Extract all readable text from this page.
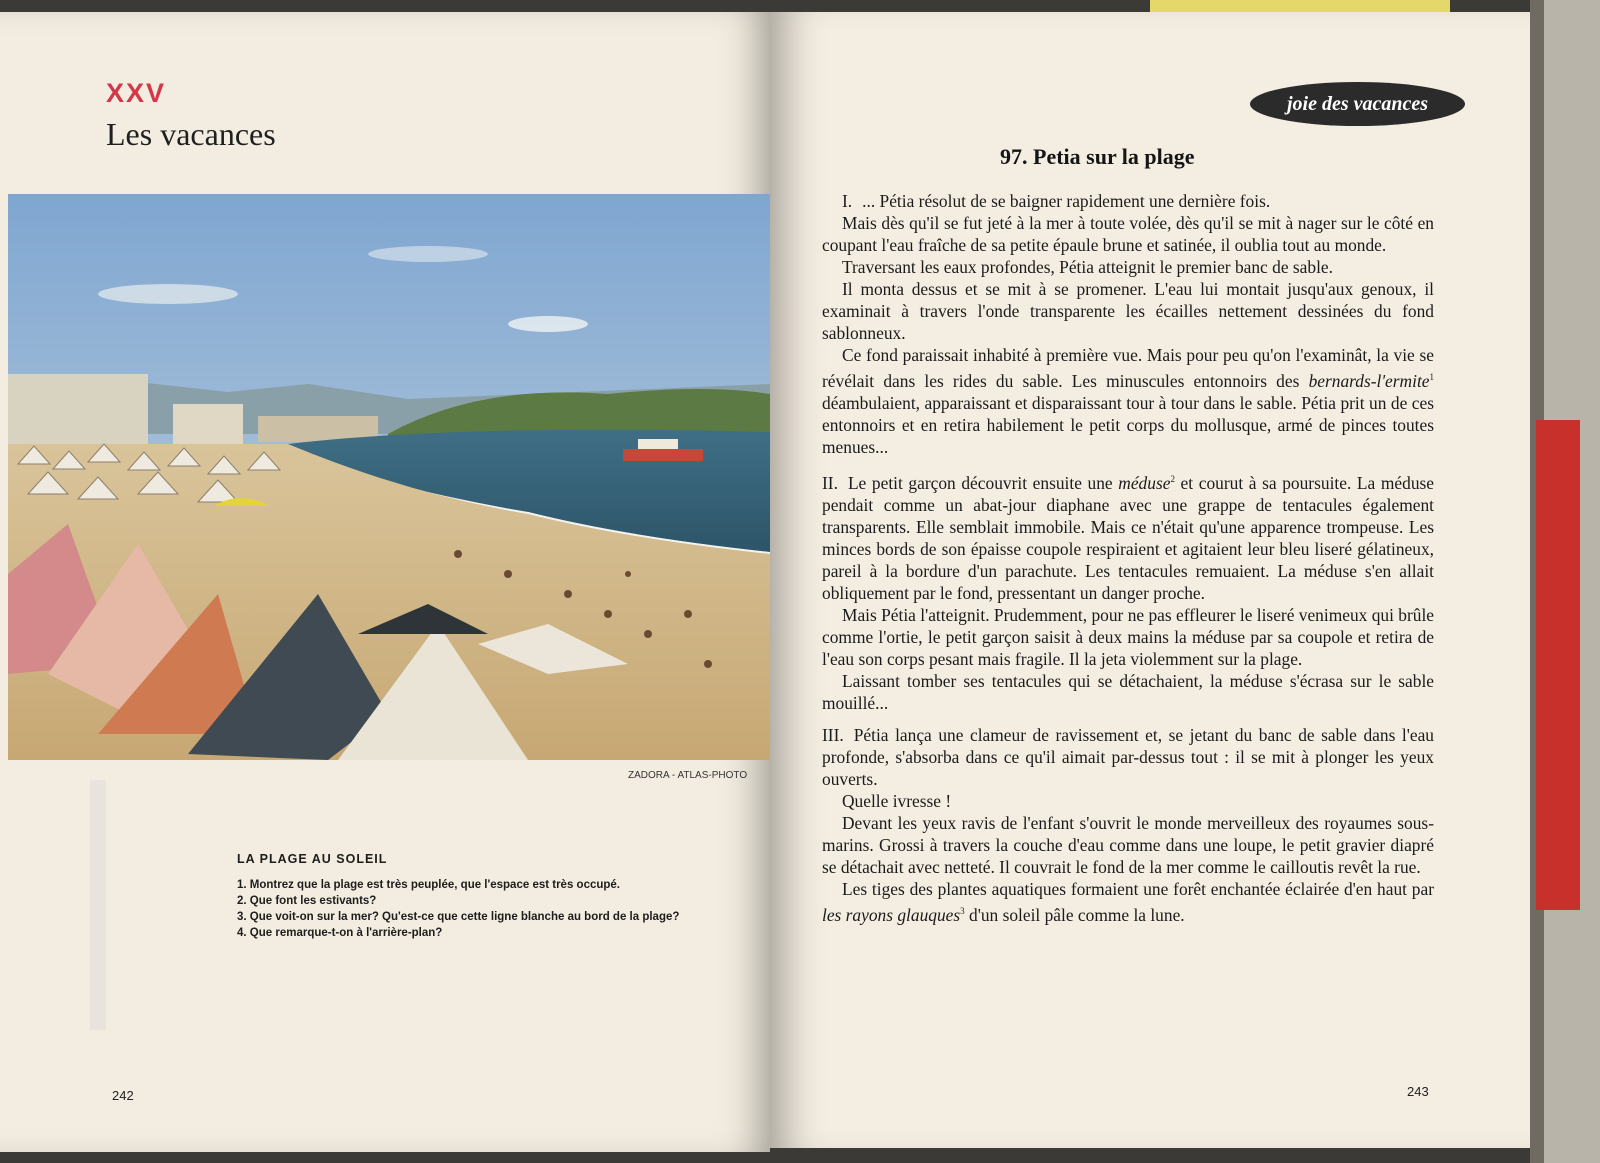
XXV
Les vacances
ZADORA - ATLAS-PHOTO
LA PLAGE AU SOLEIL
1. Montrez que la plage est très peuplée, que l'espace est très occupé.
2. Que font les estivants?
3. Que voit-on sur la mer? Qu'est-ce que cette ligne blanche au bord de la plage?
4. Que remarque-t-on à l'arrière-plan?
242
joie des vacances
97. Petia sur la plage

I. ... Pétia résolut de se baigner rapidement une dernière fois.

Mais dès qu'il se fut jeté à la mer à toute volée, dès qu'il se mit à nager sur le côté en coupant l'eau fraîche de sa petite épaule brune et satinée, il oublia tout au monde.

Traversant les eaux profondes, Pétia atteignit le premier banc de sable.

Il monta dessus et se mit à se promener. L'eau lui montait jusqu'aux genoux, il examinait à travers l'onde transparente les écailles nettement dessinées du fond sablonneux.

Ce fond paraissait inhabité à première vue. Mais pour peu qu'on l'examinât, la vie se révélait dans les rides du sable. Les minuscules entonnoirs des bernards-l'ermite$^1$ déambulaient, apparaissant et disparaissant tour à tour dans le sable. Pétia prit un de ces entonnoirs et en retira habilement le petit corps du mollusque, armé de pinces toutes menues...

II. Le petit garçon découvrit ensuite une méduse$^2$ et courut à sa poursuite. La méduse pendait comme un abat-jour diaphane avec une grappe de tentacules également transparents. Elle semblait immobile. Mais ce n'était qu'une apparence trompeuse. Les minces bords de son épaisse coupole respiraient et agitaient leur bleu liseré gélatineux, pareil à la bordure d'un parachute. Les tentacules remuaient. La méduse s'en allait obliquement par le fond, pressentant un danger proche.

Mais Pétia l'atteignit. Prudemment, pour ne pas effleurer le liseré venimeux qui brûle comme l'ortie, le petit garçon saisit à deux mains la méduse par sa coupole et retira de l'eau son corps pesant mais fragile. Il la jeta violemment sur la plage.

Laissant tomber ses tentacules qui se détachaient, la méduse s'écrasa sur le sable mouillé...

III. Pétia lança une clameur de ravissement et, se jetant du banc de sable dans l'eau profonde, s'absorba dans ce qu'il aimait par-dessus tout : il se mit à plonger les yeux ouverts.

Quelle ivresse !

Devant les yeux ravis de l'enfant s'ouvrit le monde merveilleux des royaumes sous-marins. Grossi à travers la couche d'eau comme dans une loupe, le petit gravier diapré se détachait avec netteté. Il couvrait le fond de la mer comme le cailloutis revêt la rue.

Les tiges des plantes aquatiques formaient une forêt enchantée éclairée d'en haut par les rayons glauques$^3$ d'un soleil pâle comme la lune.

243
